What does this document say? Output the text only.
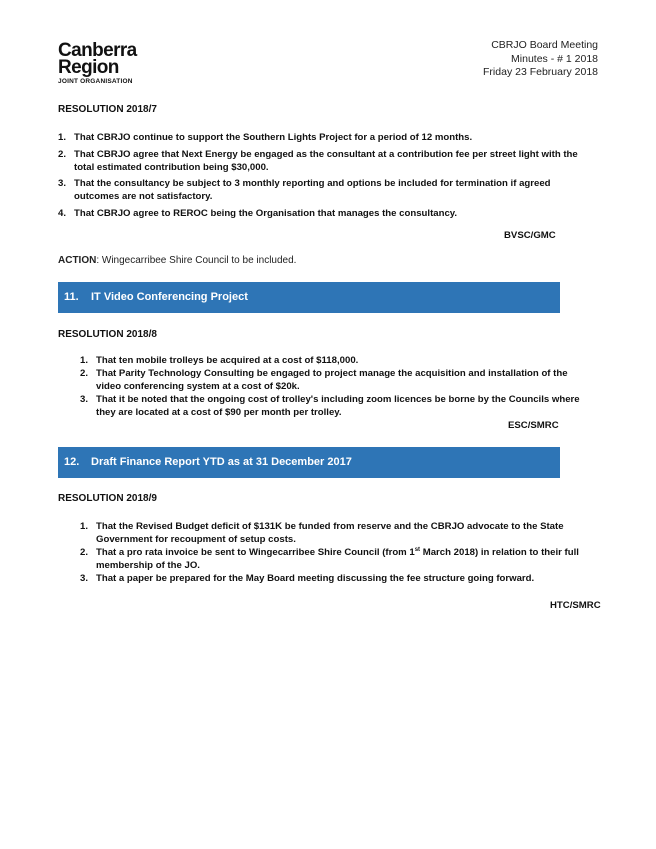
Canberra
Region
JOINT ORGANISATION
CBRJO Board Meeting
Minutes - # 1 2018
Friday 23 February 2018
RESOLUTION 2018/7
1. That CBRJO continue to support the Southern Lights Project for a period of 12 months.
2. That CBRJO agree that Next Energy be engaged as the consultant at a contribution fee per street light with the total estimated contribution being $30,000.
3. That the consultancy be subject to 3 monthly reporting and options be included for termination if agreed outcomes are not satisfactory.
4. That CBRJO agree to REROC being the Organisation that manages the consultancy.
BVSC/GMC
ACTION: Wingecarribee Shire Council to be included.
11. IT Video Conferencing Project
RESOLUTION 2018/8
1. That ten mobile trolleys be acquired at a cost of $118,000.
2. That Parity Technology Consulting be engaged to project manage the acquisition and installation of the video conferencing system at a cost of $20k.
3. That it be noted that the ongoing cost of trolley's including zoom licences be borne by the Councils where they are located at a cost of $90 per month per trolley.
ESC/SMRC
12. Draft Finance Report YTD as at 31 December 2017
RESOLUTION 2018/9
1. That the Revised Budget deficit of $131K be funded from reserve and the CBRJO advocate to the State Government for recoupment of setup costs.
2. That a pro rata invoice be sent to Wingecarribee Shire Council (from 1st March 2018) in relation to their full membership of the JO.
3. That a paper be prepared for the May Board meeting discussing the fee structure going forward.
HTC/SMRC
